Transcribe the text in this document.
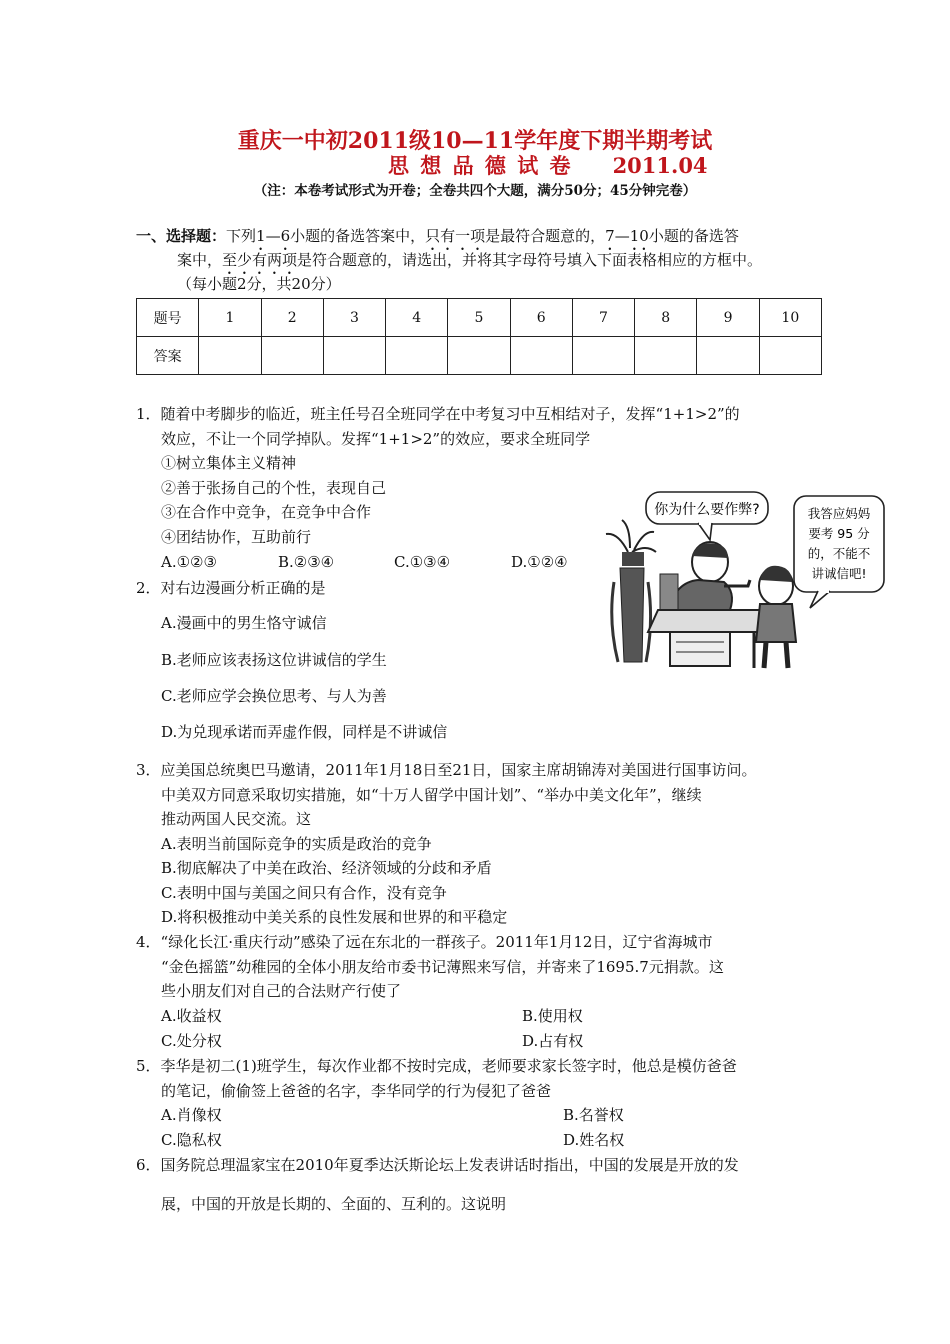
重庆一中初2011级10—11学年度下期半期考试
思 想 品 德 试 卷 2011.04
（注：本卷考试形式为开卷；全卷共四个大题，满分50分；45分钟完卷）
一、选择题：下列1—6小题的备选答案中，只有一项是最符合题意的，7—10小题的备选答
案中，至少有两项是符合题意的，请选出，并将其字母符号填入下面表格相应的方框中。
（每小题2分，共20分）
题号	1	2	3	4	5	6	7	8	9	10
答案										
1．随着中考脚步的临近，班主任号召全班同学在中考复习中互相结对子，发挥“1+1>2”的
效应，不让一个同学掉队。发挥“1+1>2”的效应，要求全班同学
①树立集体主义精神
②善于张扬自己的个性，表现自己
③在合作中竞争，在竞争中合作
④团结协作，互助前行
A.①②③	B.②③④	C.①③④	D.①②④
2．对右边漫画分析正确的是
A.漫画中的男生恪守诚信
B.老师应该表扬这位讲诚信的学生
C.老师应学会换位思考、与人为善
D.为兑现承诺而弄虚作假，同样是不讲诚信
你为什么要作弊?	我答应妈妈
要考 95 分
的，不能不
讲诚信吧!
3．应美国总统奥巴马邀请，2011年1月18日至21日，国家主席胡锦涛对美国进行国事访问。
中美双方同意采取切实措施，如“十万人留学中国计划”、“举办中美文化年”，继续
推动两国人民交流。这
A.表明当前国际竞争的实质是政治的竞争
B.彻底解决了中美在政治、经济领域的分歧和矛盾
C.表明中国与美国之间只有合作，没有竞争
D.将积极推动中美关系的良性发展和世界的和平稳定
4．“绿化长江·重庆行动”感染了远在东北的一群孩子。2011年1月12日，辽宁省海城市
“金色摇篮”幼稚园的全体小朋友给市委书记薄熙来写信，并寄来了1695.7元捐款。这
些小朋友们对自己的合法财产行使了
A.收益权	B.使用权
C.处分权	D.占有权
5．李华是初二(1)班学生，每次作业都不按时完成，老师要求家长签字时，他总是模仿爸爸
的笔记，偷偷签上爸爸的名字，李华同学的行为侵犯了爸爸
A.肖像权	B.名誉权
C.隐私权	D.姓名权
6．国务院总理温家宝在2010年夏季达沃斯论坛上发表讲话时指出，中国的发展是开放的发
展，中国的开放是长期的、全面的、互利的。这说明
